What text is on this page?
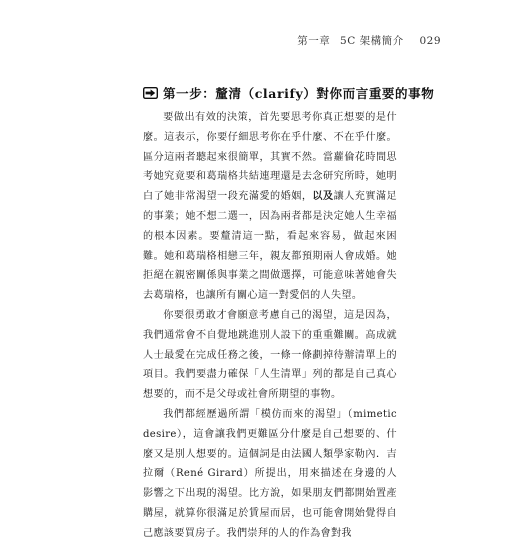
第一章 5C 架構簡介 029
第一步：釐清（clarify）對你而言重要的事物

要做出有效的決策，首先要思考你真正想要的是什麼。這表示，你要仔細思考你在乎什麼、不在乎什麼。區分這兩者聽起來很簡單，其實不然。當蘿倫花時間思考她究竟要和葛瑞格共結連理還是去念研究所時，她明白了她非常渴望一段充滿愛的婚姻，以及讓人充實滿足的事業；她不想二選一，因為兩者都是決定她人生幸福的根本因素。要釐清這一點，看起來容易，做起來困難。她和葛瑞格相戀三年，親友都預期兩人會成婚。她拒絕在親密關係與事業之間做選擇，可能意味著她會失去葛瑞格，也讓所有關心這一對愛侶的人失望。

你要很勇敢才會願意考慮自己的渴望，這是因為，我們通常會不自覺地跳進別人設下的重重難關。高成就人士最愛在完成任務之後，一條一條劃掉待辦清單上的項目。我們要盡力確保「人生清單」列的都是自己真心想要的，而不是父母或社會所期望的事物。

我們都經歷過所謂「模仿而來的渴望」（mimetic desire），這會讓我們更難區分什麼是自己想要的、什麼又是別人想要的。這個詞是由法國人類學家勒內．吉拉爾（René Girard）所提出，用來描述在身邊的人影響之下出現的渴望。比方說，如果朋友們都開始置產購屋，就算你很滿足於賃屋而居，也可能會開始覺得自己應該要買房子。我們崇拜的人的作為會對我
